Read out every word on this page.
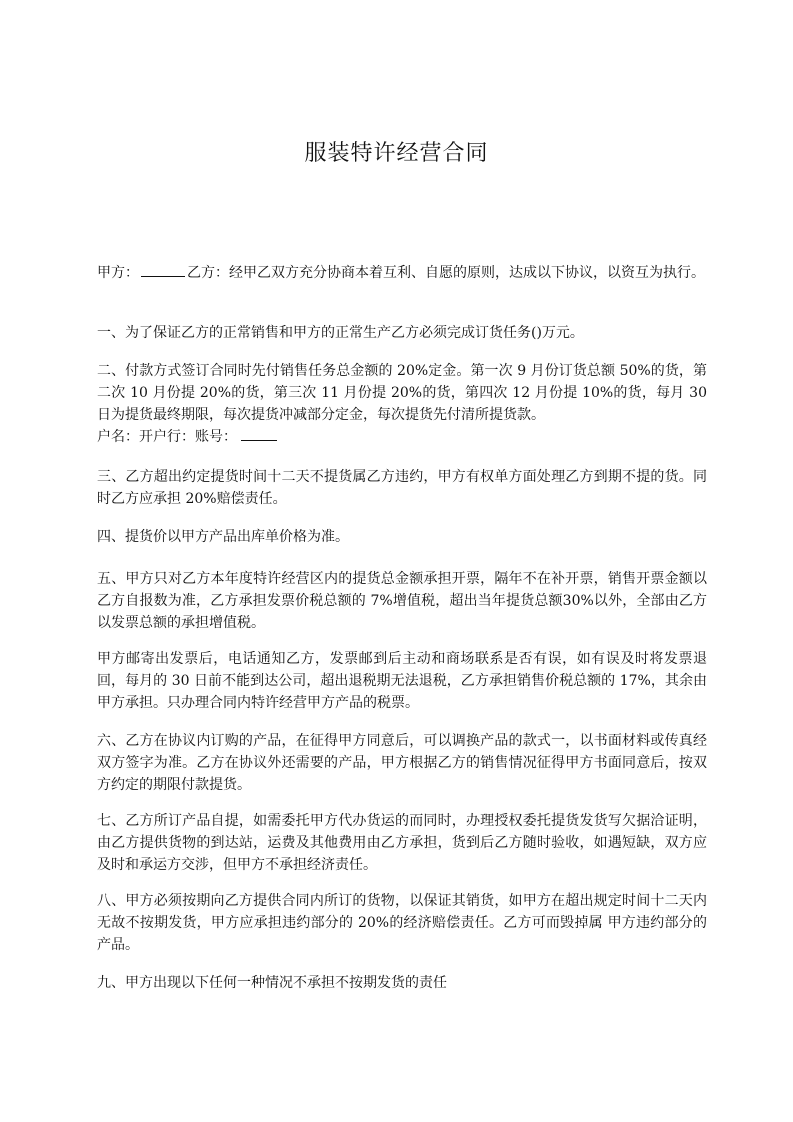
服装特许经营合同
甲方：	乙方：经甲乙双方充分协商本着互利、自愿的原则，达成以下协议，以资互为执行。
一、为了保证乙方的正常销售和甲方的正常生产乙方必须完成订货任务()万元。
二、付款方式签订合同时先付销售任务总金额的 20%定金。第一次 9 月份订货总额 50%的货，第二次 10 月份提 20%的货，第三次 11 月份提 20%的货，第四次 12 月份提 10%的货，每月 30 日为提货最终期限，每次提货冲减部分定金，每次提货先付清所提货款。
户名：开户行：账号：
三、乙方超出约定提货时间十二天不提货属乙方违约，甲方有权单方面处理乙方到期不提的货。同时乙方应承担 20%赔偿责任。
四、提货价以甲方产品出库单价格为准。
五、甲方只对乙方本年度特许经营区内的提货总金额承担开票，隔年不在补开票，销售开票金额以乙方自报数为准，乙方承担发票价税总额的 7%增值税，超出当年提货总额30%以外，全部由乙方以发票总额的承担增值税。
甲方邮寄出发票后，电话通知乙方，发票邮到后主动和商场联系是否有误，如有误及时将发票退回，每月的 30 日前不能到达公司，超出退税期无法退税，乙方承担销售价税总额的 17%，其余由甲方承担。只办理合同内特许经营甲方产品的税票。
六、乙方在协议内订购的产品，在征得甲方同意后，可以调换产品的款式一，以书面材料或传真经双方签字为准。乙方在协议外还需要的产品，甲方根据乙方的销售情况征得甲方书面同意后，按双方约定的期限付款提货。
七、乙方所订产品自提，如需委托甲方代办货运的而同时，办理授权委托提货发货写欠据洽证明，由乙方提供货物的到达站，运费及其他费用由乙方承担，货到后乙方随时验收，如遇短缺，双方应及时和承运方交涉，但甲方不承担经济责任。
八、甲方必须按期向乙方提供合同内所订的货物，以保证其销货，如甲方在超出规定时间十二天内无故不按期发货，甲方应承担违约部分的 20%的经济赔偿责任。乙方可而毁掉属 甲方违约部分的产品。
九、甲方出现以下任何一种情况不承担不按期发货的责任
